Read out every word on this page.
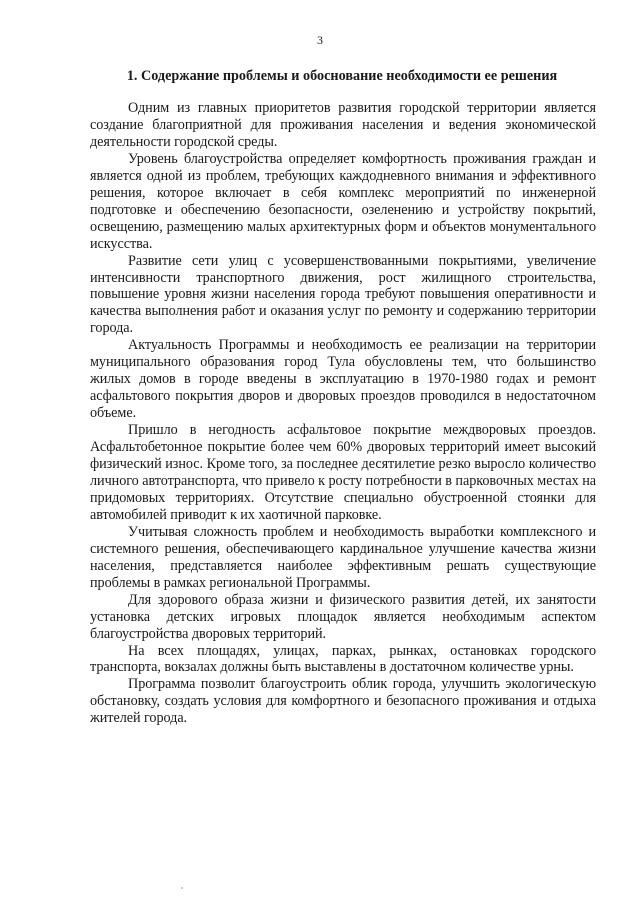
3
1. Содержание проблемы и обоснование необходимости ее решения

Одним из главных приоритетов развития городской территории является создание благоприятной для проживания населения и ведения экономической деятельности городской среды.

Уровень благоустройства определяет комфортность проживания граждан и является одной из проблем, требующих каждодневного внимания и эффективного решения, которое включает в себя комплекс мероприятий по инженерной подготовке и обеспечению безопасности, озеленению и устройству покрытий, освещению, размещению малых архитектурных форм и объектов монументального искусства.

Развитие сети улиц с усовершенствованными покрытиями, увеличение интенсивности транспортного движения, рост жилищного строительства, повышение уровня жизни населения города требуют повышения оперативности и качества выполнения работ и оказания услуг по ремонту и содержанию территории города.

Актуальность Программы и необходимость ее реализации на территории муниципального образования город Тула обусловлены тем, что большинство жилых домов в городе введены в эксплуатацию в 1970-1980 годах и ремонт асфальтового покрытия дворов и дворовых проездов проводился в недостаточном объеме.

Пришло в негодность асфальтовое покрытие междворовых проездов. Асфальтобетонное покрытие более чем 60% дворовых территорий имеет высокий физический износ. Кроме того, за последнее десятилетие резко выросло количество личного автотранспорта, что привело к росту потребности в парковочных местах на придомовых территориях. Отсутствие специально обустроенной стоянки для автомобилей приводит к их хаотичной парковке.

Учитывая сложность проблем и необходимость выработки комплексного и системного решения, обеспечивающего кардинальное улучшение качества жизни населения, представляется наиболее эффективным решать существующие проблемы в рамках региональной Программы.

Для здорового образа жизни и физического развития детей, их занятости установка детских игровых площадок является необходимым аспектом благоустройства дворовых территорий.

На всех площадях, улицах, парках, рынках, остановках городского транспорта, вокзалах должны быть выставлены в достаточном количестве урны.

Программа позволит благоустроить облик города, улучшить экологическую обстановку, создать условия для комфортного и безопасного проживания и отдыха жителей города.
